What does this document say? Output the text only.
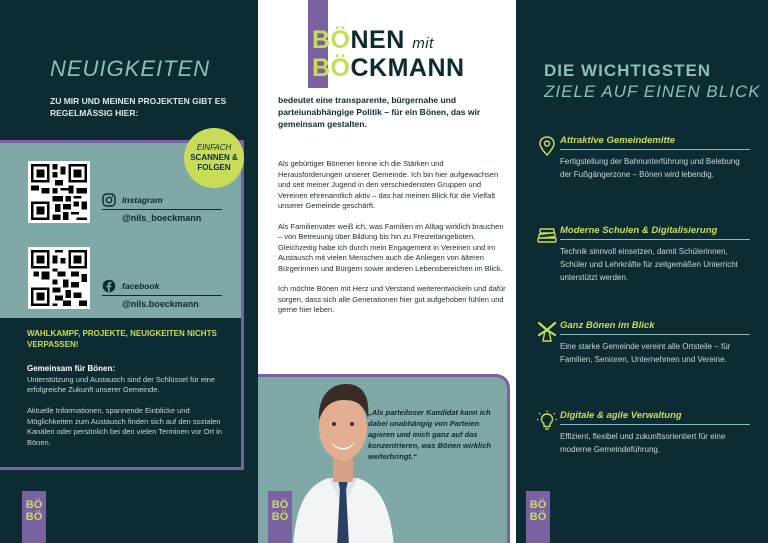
NEUIGKEITEN
ZU MIR UND MEINEN PROJEKTEN GIBT ES REGELMÄSSIG HIER:
Instagram
@nils_boeckmann
facebook
@nils.boeckmann
EINFACH
SCANNEN &
FOLGEN
WAHLKAMPF, PROJEKTE, NEUIGKEITEN NICHTS VERPASSEN!
Gemeinsam für Bönen:
Unterstützung und Austausch sind der Schlüssel für eine erfolgreiche Zukunft unserer Gemeinde.

Aktuelle Informationen, spannende Einblicke und Möglichkeiten zum Austausch finden sich auf den sozialen Kanälen oder persönlich bei den vielen Terminen vor Ort in Bönen.
BÖ
BÖ
BÖNEN mit
BÖCKMANN
bedeutet eine transparente, bürgernahe und parteiunabhängige Politik – für ein Bönen, das wir gemeinsam gestalten.

Als gebürtiger Bönener kenne ich die Stärken und Herausforderungen unserer Gemeinde. Ich bin hier aufgewachsen und seit meiner Jugend in den verschiedensten Gruppen und Vereinen ehrenamtlich aktiv – das hat meinen Blick für die Vielfalt unserer Gemeinde geschärft.

Als Familienvater weiß ich, was Familien im Alltag wirklich brauchen – von Betreuung über Bildung bis hin zu Freizeitangeboten. Gleichzeitig habe ich durch mein Engagement in Vereinen und im Austausch mit vielen Menschen auch die Anliegen von älteren Bürgerinnen und Bürgern sowie anderen Lebensbereichen im Blick.

Ich möchte Bönen mit Herz und Verstand weiterentwickeln und dafür sorgen, dass sich alle Generationen hier gut aufgehoben fühlen und gerne hier leben.

„Als parteiloser Kandidat kann ich dabei unabhängig von Parteien agieren und mich ganz auf das konzentrieren, was Bönen wirklich weiterbringt.“
BÖ
BÖ
DIE WICHTIGSTEN
ZIELE AUF EINEN BLICK
Attraktive Gemeindemitte
Fertigstellung der Bahnunterführung und Belebung der Fußgängerzone – Bönen wird lebendig.
Moderne Schulen & Digitalisierung
Technik sinnvoll einsetzen, damit Schülerinnen, Schüler und Lehrkräfte für zeitgemäßen Unterricht unterstützt werden.
Ganz Bönen im Blick
Eine starke Gemeinde vereint alle Ortsteile – für Familien, Senioren, Unternehmen und Vereine.
Digitale & agile Verwaltung
Effizient, flexibel und zukunftsorientiert für eine moderne Gemeindeführung.
BÖ
BÖ
